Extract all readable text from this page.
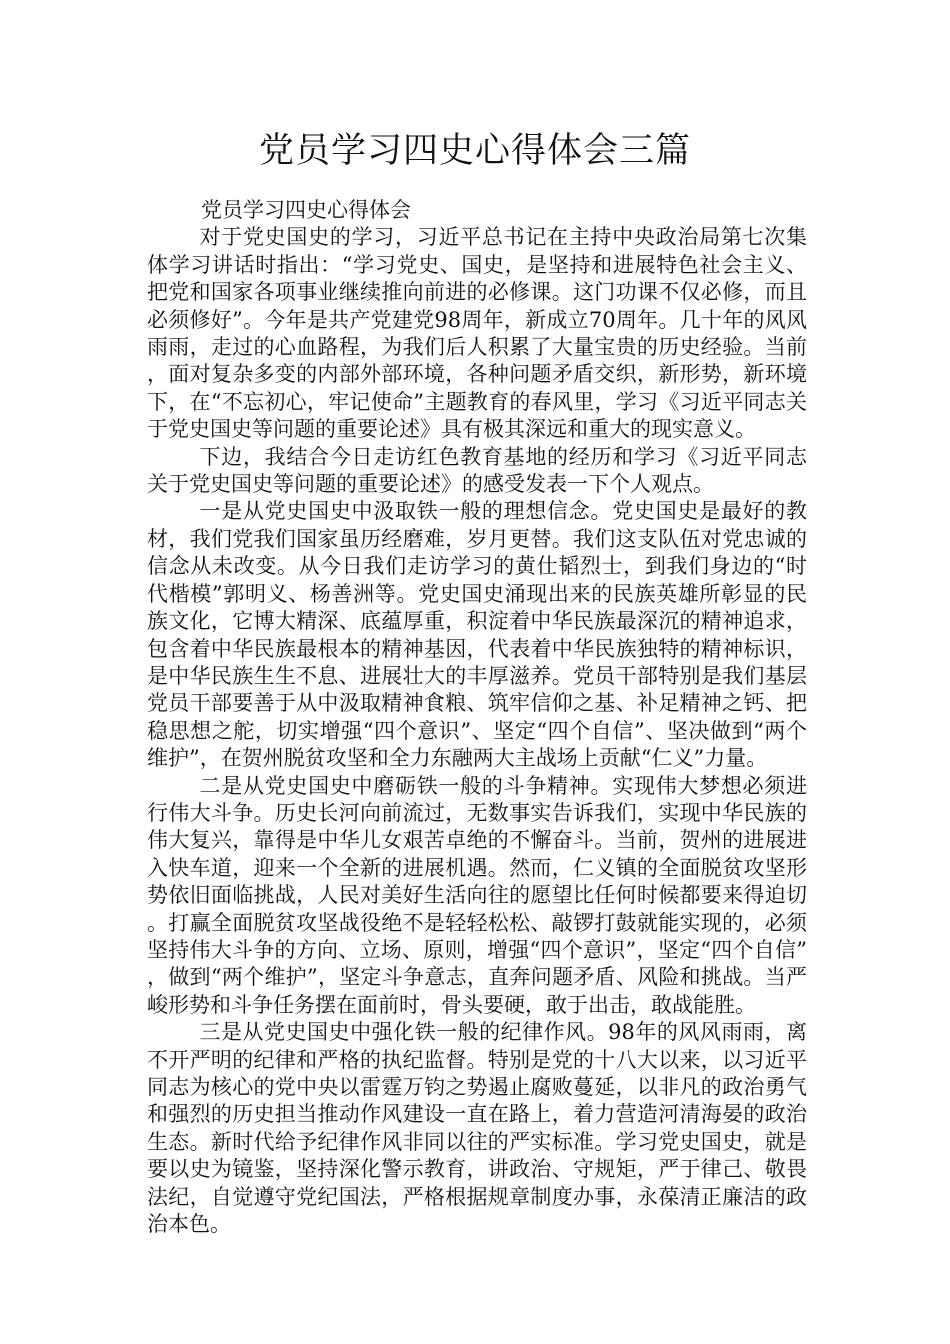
党员学习四史心得体会三篇

党员学习四史心得体会

对于党史国史的学习，习近平总书记在主持中央政治局第七次集体学习讲话时指出：“学习党史、国史，是坚持和进展特色社会主义、把党和国家各项事业继续推向前进的必修课。这门功课不仅必修，而且必须修好”。今年是共产党建党98周年，新成立70周年。几十年的风风雨雨，走过的心血路程，为我们后人积累了大量宝贵的历史经验。当前，面对复杂多变的内部外部环境，各种问题矛盾交织，新形势，新环境下，在“不忘初心，牢记使命”主题教育的春风里，学习《习近平同志关于党史国史等问题的重要论述》具有极其深远和重大的现实意义。

下边，我结合今日走访红色教育基地的经历和学习《习近平同志关于党史国史等问题的重要论述》的感受发表一下个人观点。

一是从党史国史中汲取铁一般的理想信念。党史国史是最好的教材，我们党我们国家虽历经磨难，岁月更替。我们这支队伍对党忠诚的信念从未改变。从今日我们走访学习的黄仕韬烈士，到我们身边的“时代楷模”郭明义、杨善洲等。党史国史涌现出来的民族英雄所彰显的民族文化，它博大精深、底蕴厚重，积淀着中华民族最深沉的精神追求，包含着中华民族最根本的精神基因，代表着中华民族独特的精神标识，是中华民族生生不息、进展壮大的丰厚滋养。党员干部特别是我们基层党员干部要善于从中汲取精神食粮、筑牢信仰之基、补足精神之钙、把稳思想之舵，切实增强“四个意识”、坚定“四个自信”、坚决做到“两个维护”，在贺州脱贫攻坚和全力东融两大主战场上贡献“仁义”力量。

二是从党史国史中磨砺铁一般的斗争精神。实现伟大梦想必须进行伟大斗争。历史长河向前流过，无数事实告诉我们，实现中华民族的伟大复兴，靠得是中华儿女艰苦卓绝的不懈奋斗。当前，贺州的进展进入快车道，迎来一个全新的进展机遇。然而，仁义镇的全面脱贫攻坚形势依旧面临挑战，人民对美好生活向往的愿望比任何时候都要来得迫切。打赢全面脱贫攻坚战役绝不是轻轻松松、敲锣打鼓就能实现的，必须坚持伟大斗争的方向、立场、原则，增强“四个意识”，坚定“四个自信”，做到“两个维护”，坚定斗争意志，直奔问题矛盾、风险和挑战。当严峻形势和斗争任务摆在面前时，骨头要硬，敢于出击，敢战能胜。

三是从党史国史中强化铁一般的纪律作风。98年的风风雨雨，离不开严明的纪律和严格的执纪监督。特别是党的十八大以来，以习近平同志为核心的党中央以雷霆万钧之势遏止腐败蔓延，以非凡的政治勇气和强烈的历史担当推动作风建设一直在路上，着力营造河清海晏的政治生态。新时代给予纪律作风非同以往的严实标准。学习党史国史，就是要以史为镜鉴，坚持深化警示教育，讲政治、守规矩，严于律己、敬畏法纪，自觉遵守党纪国法，严格根据规章制度办事，永葆清正廉洁的政治本色。
